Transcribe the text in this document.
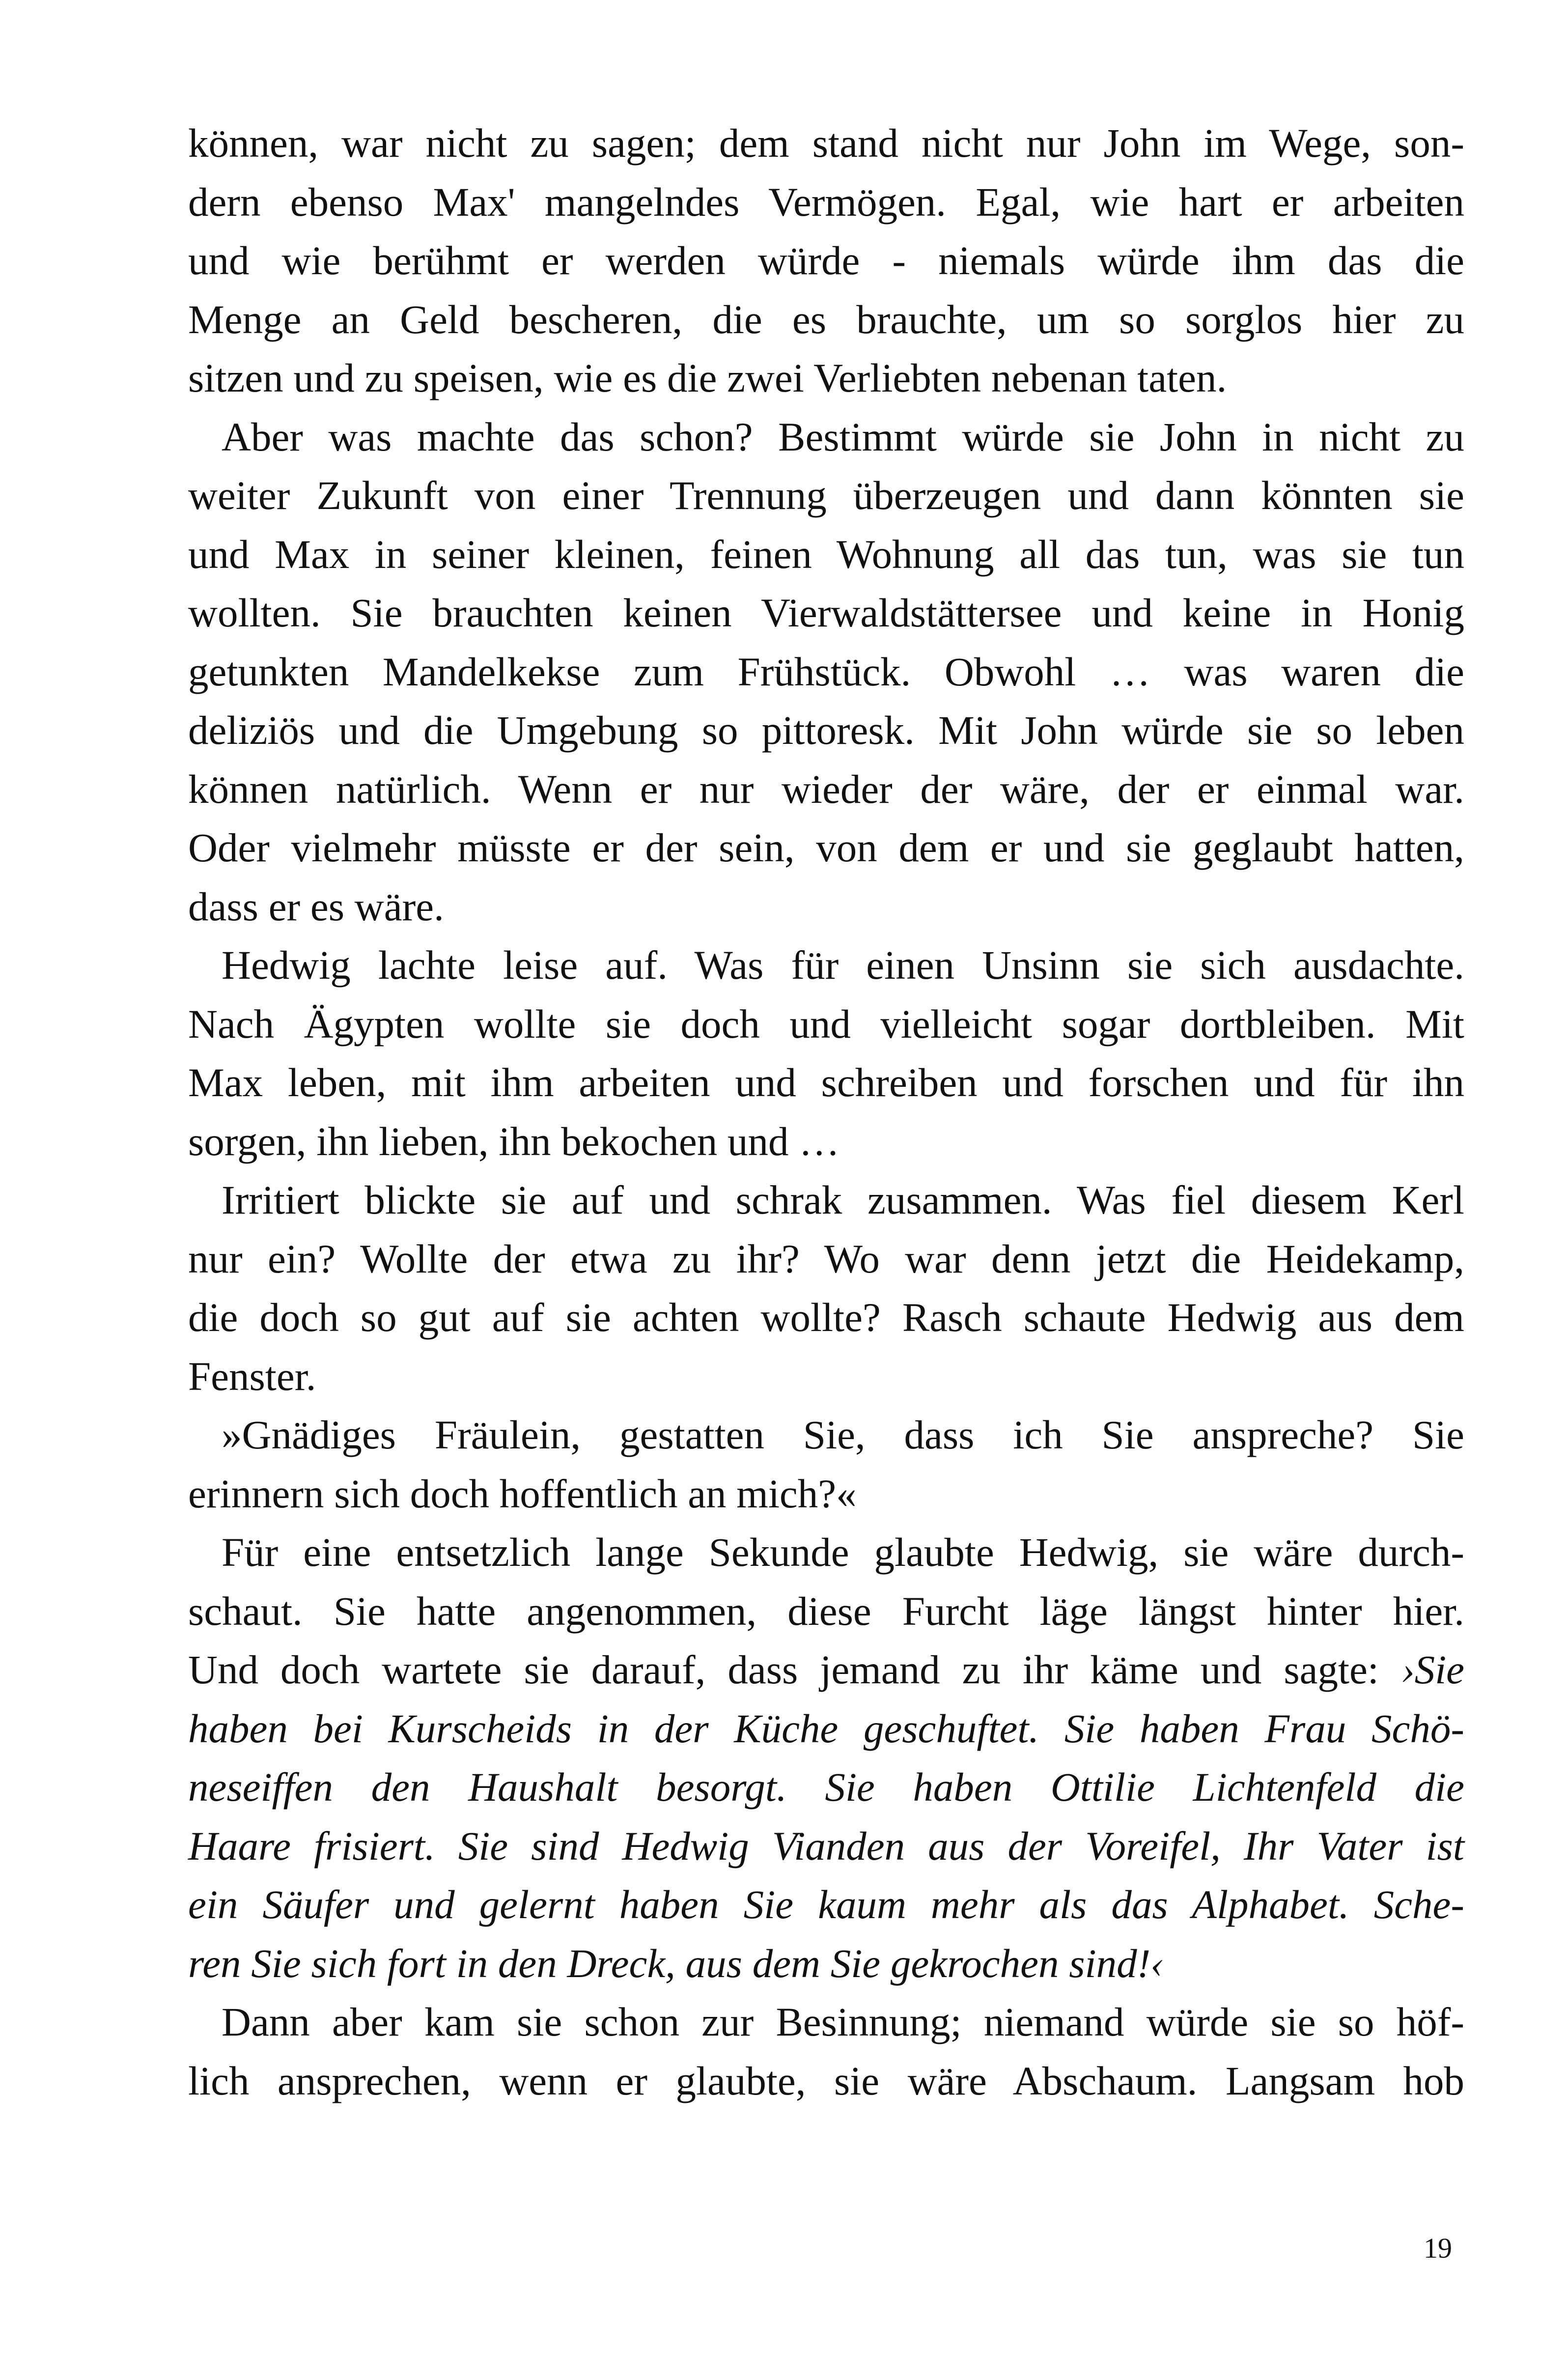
können, war nicht zu sagen; dem stand nicht nur John im Wege, son-
dern ebenso Max' mangelndes Vermögen. Egal, wie hart er arbeiten
und wie berühmt er werden würde - niemals würde ihm das die
Menge an Geld bescheren, die es brauchte, um so sorglos hier zu
sitzen und zu speisen, wie es die zwei Verliebten nebenan taten.
Aber was machte das schon? Bestimmt würde sie John in nicht zu
weiter Zukunft von einer Trennung überzeugen und dann könnten sie
und Max in seiner kleinen, feinen Wohnung all das tun, was sie tun
wollten. Sie brauchten keinen Vierwaldstättersee und keine in Honig
getunkten Mandelkekse zum Frühstück. Obwohl … was waren die
deliziös und die Umgebung so pittoresk. Mit John würde sie so leben
können natürlich. Wenn er nur wieder der wäre, der er einmal war.
Oder vielmehr müsste er der sein, von dem er und sie geglaubt hatten,
dass er es wäre.
Hedwig lachte leise auf. Was für einen Unsinn sie sich ausdachte.
Nach Ägypten wollte sie doch und vielleicht sogar dortbleiben. Mit
Max leben, mit ihm arbeiten und schreiben und forschen und für ihn
sorgen, ihn lieben, ihn bekochen und …
Irritiert blickte sie auf und schrak zusammen. Was fiel diesem Kerl
nur ein? Wollte der etwa zu ihr? Wo war denn jetzt die Heidekamp,
die doch so gut auf sie achten wollte? Rasch schaute Hedwig aus dem
Fenster.
»Gnädiges Fräulein, gestatten Sie, dass ich Sie anspreche? Sie
erinnern sich doch hoffentlich an mich?«
Für eine entsetzlich lange Sekunde glaubte Hedwig, sie wäre durch-
schaut. Sie hatte angenommen, diese Furcht läge längst hinter hier.
Und doch wartete sie darauf, dass jemand zu ihr käme und sagte: ›Sie
haben bei Kurscheids in der Küche geschuftet. Sie haben Frau Schö-
neseiffen den Haushalt besorgt. Sie haben Ottilie Lichtenfeld die
Haare frisiert. Sie sind Hedwig Vianden aus der Voreifel, Ihr Vater ist
ein Säufer und gelernt haben Sie kaum mehr als das Alphabet. Sche-
ren Sie sich fort in den Dreck, aus dem Sie gekrochen sind!‹
Dann aber kam sie schon zur Besinnung; niemand würde sie so höf-
lich ansprechen, wenn er glaubte, sie wäre Abschaum. Langsam hob
19
